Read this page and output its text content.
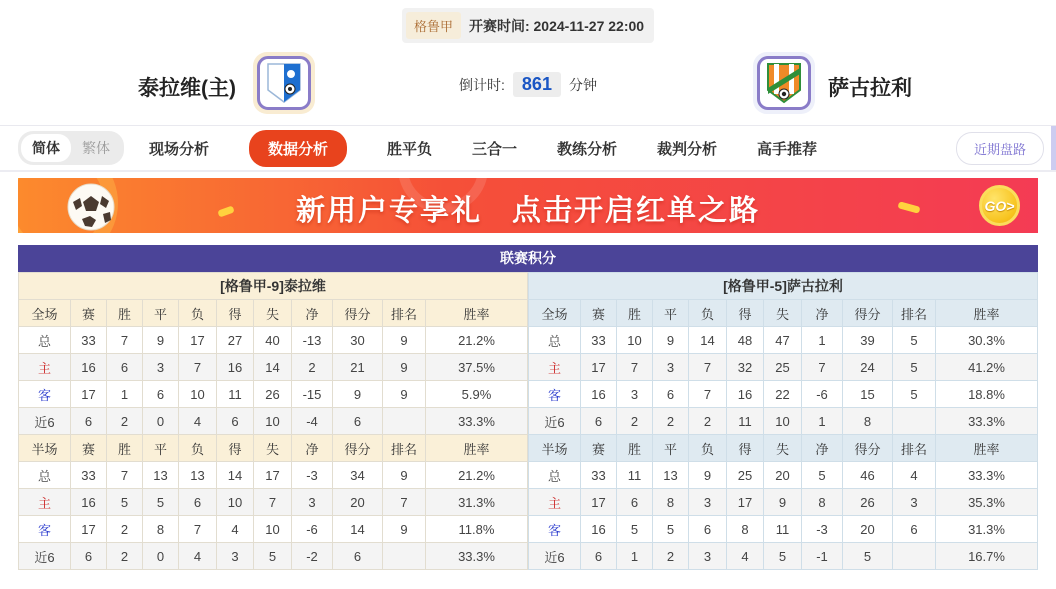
格鲁甲	开赛时间: 2024-11-27 22:00
泰拉维(主)	倒计时: 861	分钟	萨古拉利
简体	繁体	现场分析	数据分析	胜平负	三合一	教练分析	裁判分析	高手推荐	近期盘路
新用户专享礼 点击开启红单之路	GO>
联赛积分
[格鲁甲-9]泰拉维										
全场	赛	胜	平	负	得	失	净	得分	排名	胜率
总	33	7	9	17	27	40	-13	30	9	21.2%
主	16	6	3	7	16	14	2	21	9	37.5%
客	17	1	6	10	11	26	-15	9	9	5.9%
近6	6	2	0	4	6	10	-4	6		33.3%
半场	赛	胜	平	负	得	失	净	得分	排名	胜率
总	33	7	13	13	14	17	-3	34	9	21.2%
主	16	5	5	6	10	7	3	20	7	31.3%
客	17	2	8	7	4	10	-6	14	9	11.8%
近6	6	2	0	4	3	5	-2	6		33.3%
[格鲁甲-5]萨古拉利										
全场	赛	胜	平	负	得	失	净	得分	排名	胜率
总	33	10	9	14	48	47	1	39	5	30.3%
主	17	7	3	7	32	25	7	24	5	41.2%
客	16	3	6	7	16	22	-6	15	5	18.8%
近6	6	2	2	2	11	10	1	8		33.3%
半场	赛	胜	平	负	得	失	净	得分	排名	胜率
总	33	11	13	9	25	20	5	46	4	33.3%
主	17	6	8	3	17	9	8	26	3	35.3%
客	16	5	5	6	8	11	-3	20	6	31.3%
近6	6	1	2	3	4	5	-1	5		16.7%
